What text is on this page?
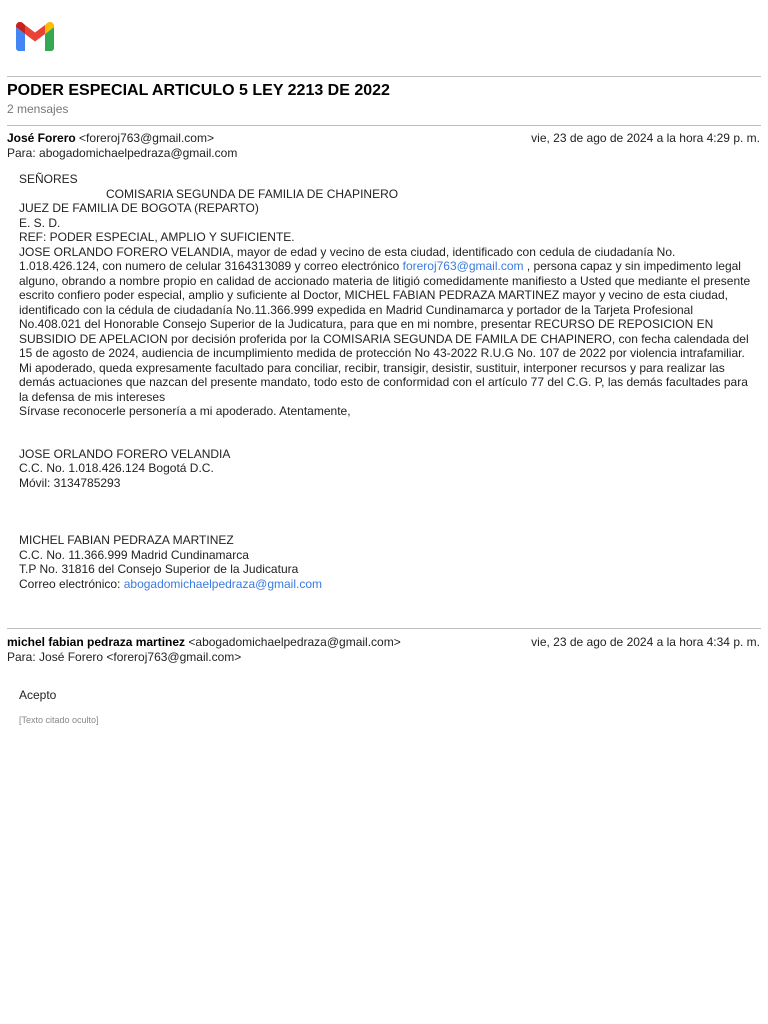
PODER ESPECIAL ARTICULO 5 LEY 2213 DE 2022
2 mensajes
José Forero <foreroj763@gmail.com>	vie, 23 de ago de 2024 a la hora 4:29 p. m.
Para: abogadomichaelpedraza@gmail.com

SEÑORES

COMISARIA SEGUNDA DE FAMILIA DE CHAPINERO

JUEZ DE FAMILIA DE BOGOTA (REPARTO)

E. S. D.

REF: PODER ESPECIAL, AMPLIO Y SUFICIENTE.

JOSE ORLANDO FORERO VELANDIA, mayor de edad y vecino de esta ciudad, identificado con cedula de ciudadanía No. 1.018.426.124, con numero de celular 3164313089 y correo electrónico foreroj763@gmail.com , persona capaz y sin impedimento legal alguno, obrando a nombre propio en calidad de accionado materia de litigió comedidamente manifiesto a Usted que mediante el presente escrito confiero poder especial, amplio y suficiente al Doctor, MICHEL FABIAN PEDRAZA MARTINEZ mayor y vecino de esta ciudad, identificado con la cédula de ciudadanía No.11.366.999 expedida en Madrid Cundinamarca y portador de la Tarjeta Profesional No.408.021 del Honorable Consejo Superior de la Judicatura, para que en mi nombre, presentar RECURSO DE REPOSICION EN SUBSIDIO DE APELACION por decisión proferida por la COMISARIA SEGUNDA DE FAMILA DE CHAPINERO, con fecha calendada del 15 de agosto de 2024, audiencia de incumplimiento medida de protección No 43-2022 R.U.G No. 107 de 2022 por violencia intrafamiliar.

Mi apoderado, queda expresamente facultado para conciliar, recibir, transigir, desistir, sustituir, interponer recursos y para realizar las demás actuaciones que nazcan del presente mandato, todo esto de conformidad con el artículo 77 del C.G. P, las demás facultades para la defensa de mis intereses

Sírvase reconocerle personería a mi apoderado. Atentamente,

JOSE ORLANDO FORERO VELANDIA

C.C. No. 1.018.426.124 Bogotá D.C.

Móvil: 3134785293

MICHEL FABIAN PEDRAZA MARTINEZ

C.C. No. 11.366.999 Madrid Cundinamarca

T.P No. 31816 del Consejo Superior de la Judicatura

Correo electrónico: abogadomichaelpedraza@gmail.com

michel fabian pedraza martinez <abogadomichaelpedraza@gmail.com>	vie, 23 de ago de 2024 a la hora 4:34 p. m.
Para: José Forero <foreroj763@gmail.com>
Acepto
[Texto citado oculto]
